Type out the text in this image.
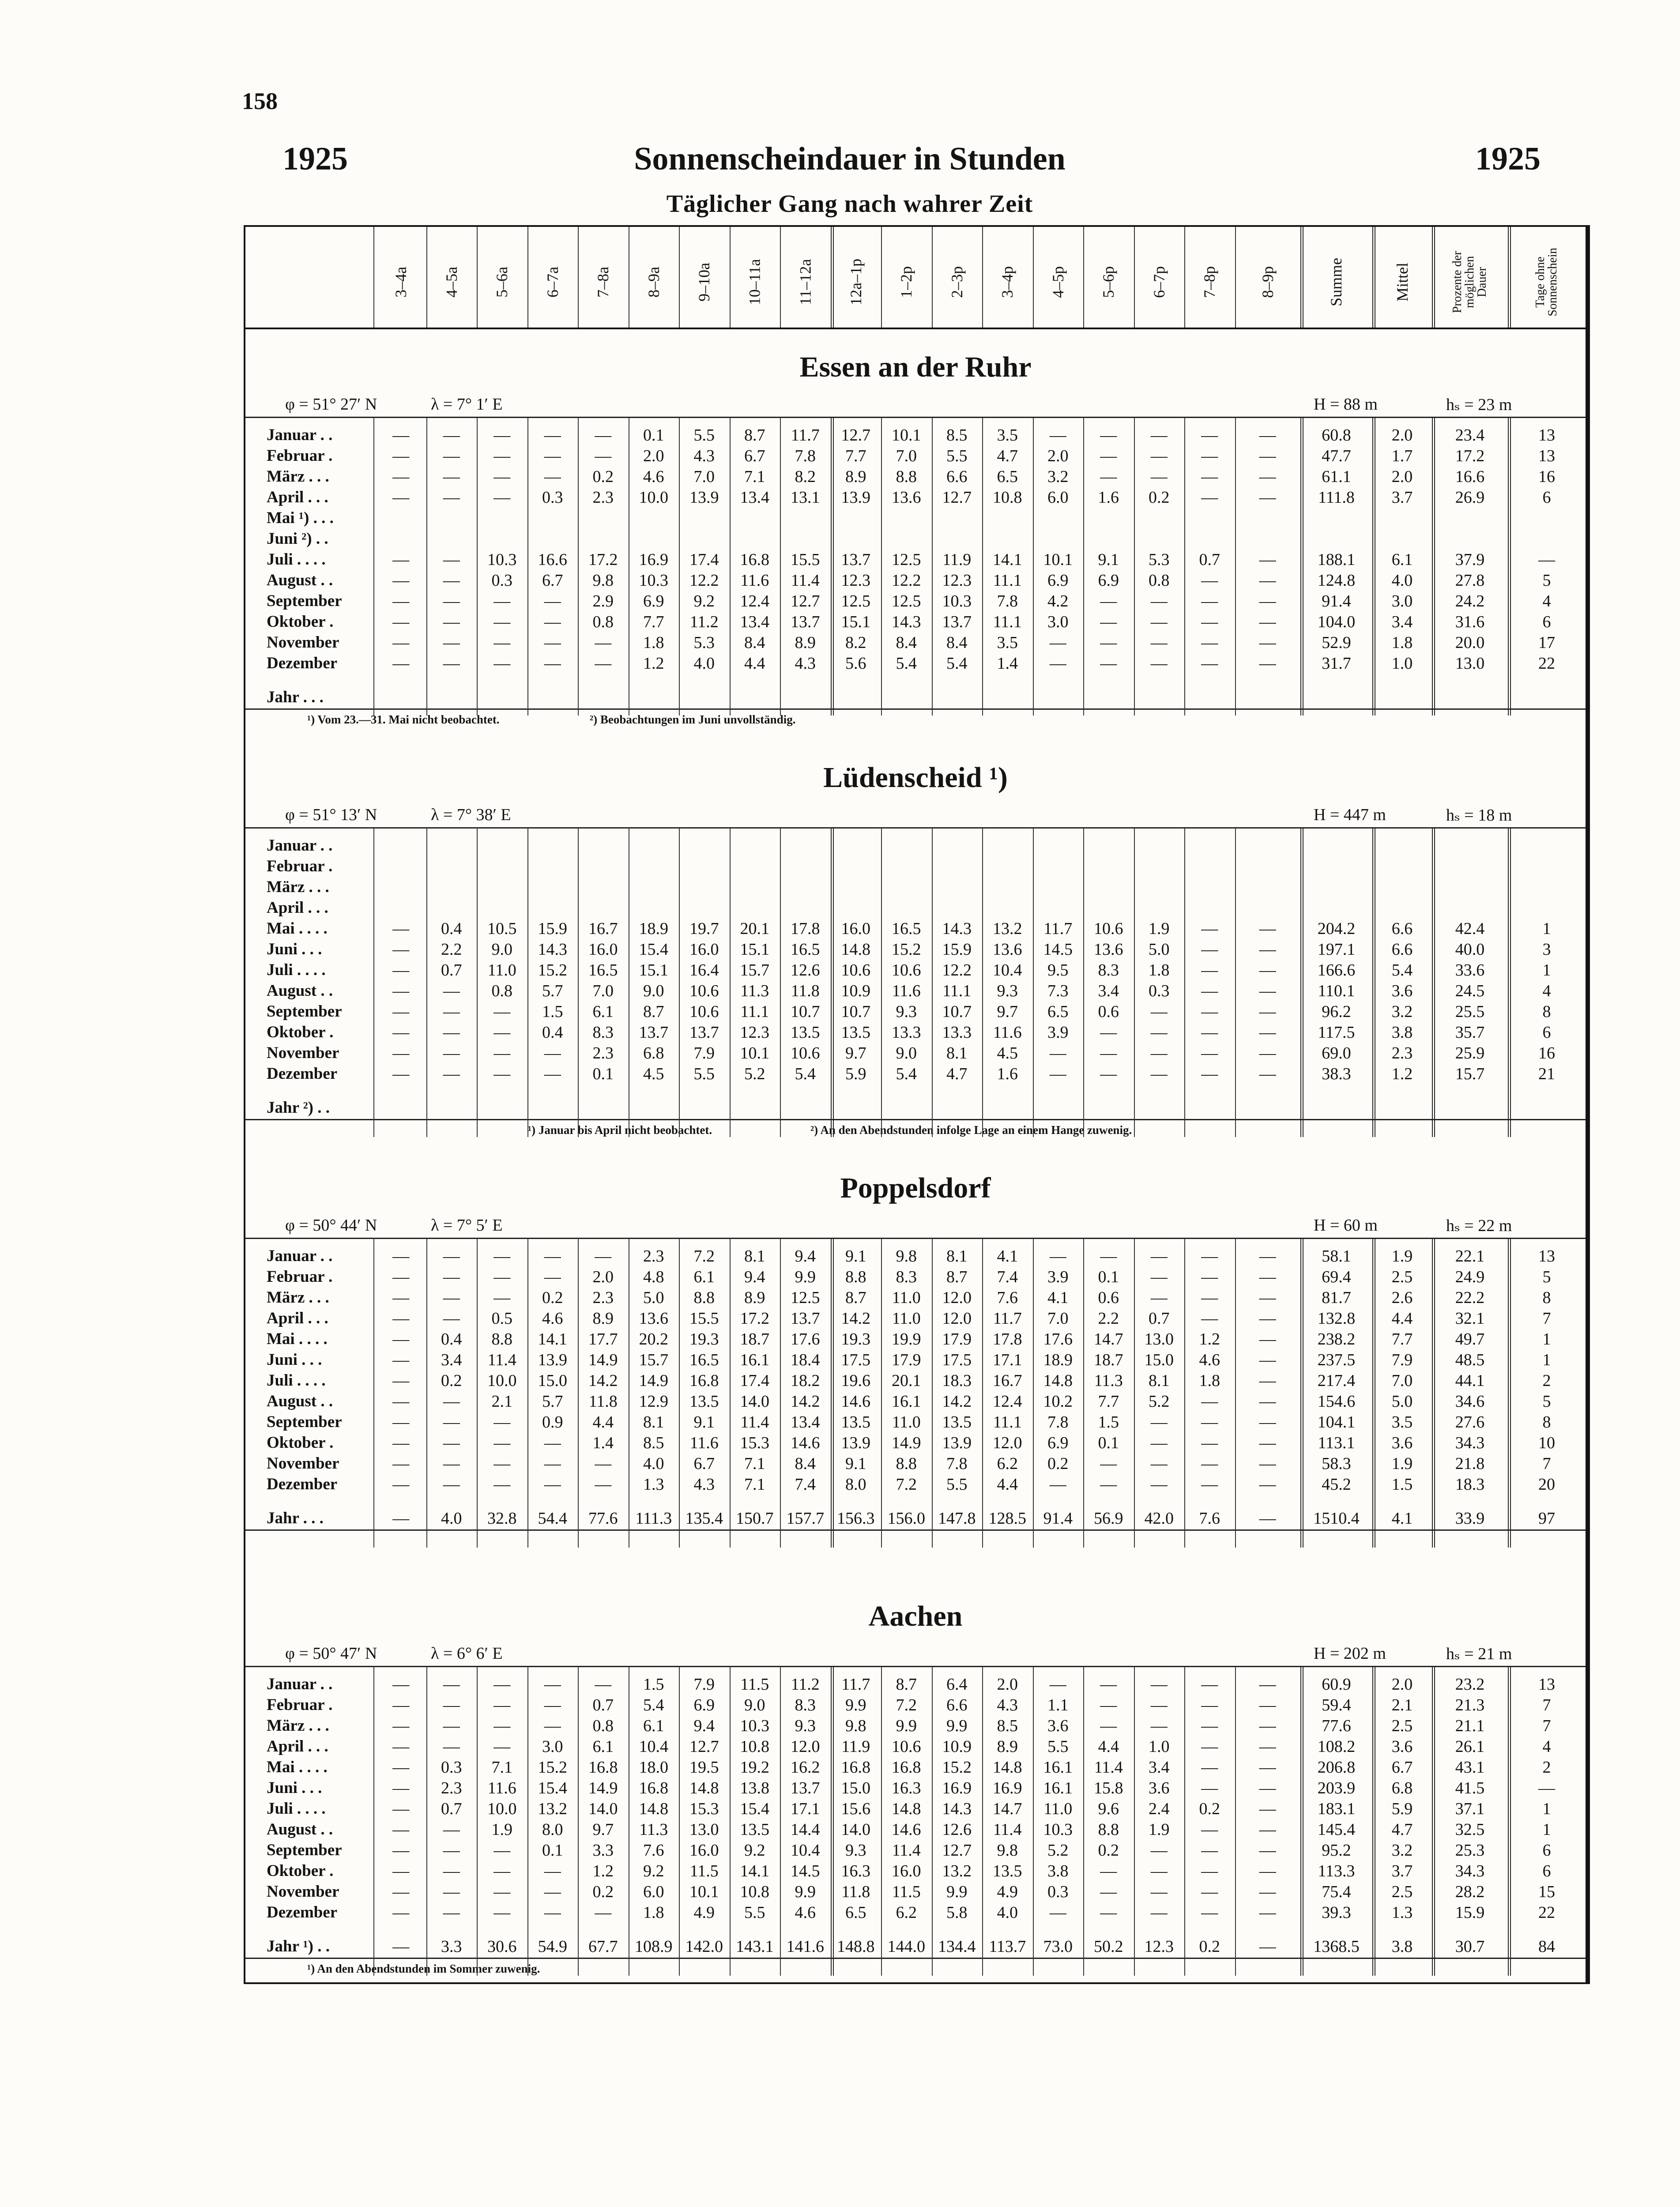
158
1925	Sonnenscheindauer in Stunden	1925
Täglicher Gang nach wahrer Zeit
3–4a 4–5a 5–6a 6–7a 7–8a 8–9a 9–10a 10–11a 11–12a 12a–1p 1–2p 2–3p 3–4p 4–5p 5–6p 6–7p 7–8p	8–9p	Summe	Mittel	Prozente der möglichen Dauer	Tage ohne Sonnenschein
Essen an der Ruhr
φ = 51° 27′ N	λ = 7° 1′ E	H = 88 m	hₛ = 23 m
Januar . .	—	—	—	—	—	0.1	5.5	8.7	11.7	12.7	10.1	8.5	3.5	—	—	—	—	—	60.8	2.0	23.4	13
Februar .	—	—	—	—	—	2.0	4.3	6.7	7.8	7.7	7.0	5.5	4.7	2.0	—	—	—	—	47.7	1.7	17.2	13
März . . .	—	—	—	—	0.2	4.6	7.0	7.1	8.2	8.9	8.8	6.6	6.5	3.2	—	—	—	—	61.1	2.0	16.6	16
April . . .	—	—	—	0.3	2.3	10.0	13.9	13.4	13.1	13.9	13.6	12.7	10.8	6.0	1.6	0.2	—	—	111.8	3.7	26.9	6
Mai ¹) . . .
Juni ²) . .
Juli . . . .	—	—	10.3	16.6	17.2	16.9	17.4	16.8	15.5	13.7	12.5	11.9	14.1	10.1	9.1	5.3	0.7	—	188.1	6.1	37.9	—
August . .	—	—	0.3	6.7	9.8	10.3	12.2	11.6	11.4	12.3	12.2	12.3	11.1	6.9	6.9	0.8	—	—	124.8	4.0	27.8	5
September	—	—	—	—	2.9	6.9	9.2	12.4	12.7	12.5	12.5	10.3	7.8	4.2	—	—	—	—	91.4	3.0	24.2	4
Oktober .	—	—	—	—	0.8	7.7	11.2	13.4	13.7	15.1	14.3	13.7	11.1	3.0	—	—	—	—	104.0	3.4	31.6	6
November	—	—	—	—	—	1.8	5.3	8.4	8.9	8.2	8.4	8.4	3.5	—	—	—	—	—	52.9	1.8	20.0	17
Dezember	—	—	—	—	—	1.2	4.0	4.4	4.3	5.6	5.4	5.4	1.4	—	—	—	—	—	31.7	1.0	13.0	22
Jahr . . .
¹) Vom 23.—31. Mai nicht beobachtet.	²) Beobachtungen im Juni unvollständig.
Lüdenscheid ¹)
φ = 51° 13′ N	λ = 7° 38′ E	H = 447 m	hₛ = 18 m
Januar . .
Februar .
März . . .
April . . .
Mai . . . .	—	0.4	10.5	15.9	16.7	18.9	19.7	20.1	17.8	16.0	16.5	14.3	13.2	11.7	10.6	1.9	—	—	204.2	6.6	42.4	1
Juni . . .	—	2.2	9.0	14.3	16.0	15.4	16.0	15.1	16.5	14.8	15.2	15.9	13.6	14.5	13.6	5.0	—	—	197.1	6.6	40.0	3
Juli . . . .	—	0.7	11.0	15.2	16.5	15.1	16.4	15.7	12.6	10.6	10.6	12.2	10.4	9.5	8.3	1.8	—	—	166.6	5.4	33.6	1
August . .	—	—	0.8	5.7	7.0	9.0	10.6	11.3	11.8	10.9	11.6	11.1	9.3	7.3	3.4	0.3	—	—	110.1	3.6	24.5	4
September	—	—	—	1.5	6.1	8.7	10.6	11.1	10.7	10.7	9.3	10.7	9.7	6.5	0.6	—	—	—	96.2	3.2	25.5	8
Oktober .	—	—	—	0.4	8.3	13.7	13.7	12.3	13.5	13.5	13.3	13.3	11.6	3.9	—	—	—	—	117.5	3.8	35.7	6
November	—	—	—	—	2.3	6.8	7.9	10.1	10.6	9.7	9.0	8.1	4.5	—	—	—	—	—	69.0	2.3	25.9	16
Dezember	—	—	—	—	0.1	4.5	5.5	5.2	5.4	5.9	5.4	4.7	1.6	—	—	—	—	—	38.3	1.2	15.7	21
Jahr ²) . .
¹) Januar bis April nicht beobachtet.	²) An den Abendstunden infolge Lage an einem Hange zuwenig.
Poppelsdorf
φ = 50° 44′ N	λ = 7° 5′ E	H = 60 m	hₛ = 22 m
Januar . .	—	—	—	—	—	2.3	7.2	8.1	9.4	9.1	9.8	8.1	4.1	—	—	—	—	—	58.1	1.9	22.1	13
Februar .	—	—	—	—	2.0	4.8	6.1	9.4	9.9	8.8	8.3	8.7	7.4	3.9	0.1	—	—	—	69.4	2.5	24.9	5
März . . .	—	—	—	0.2	2.3	5.0	8.8	8.9	12.5	8.7	11.0	12.0	7.6	4.1	0.6	—	—	—	81.7	2.6	22.2	8
April . . .	—	—	0.5	4.6	8.9	13.6	15.5	17.2	13.7	14.2	11.0	12.0	11.7	7.0	2.2	0.7	—	—	132.8	4.4	32.1	7
Mai . . . .	—	0.4	8.8	14.1	17.7	20.2	19.3	18.7	17.6	19.3	19.9	17.9	17.8	17.6	14.7	13.0	1.2	—	238.2	7.7	49.7	1
Juni . . .	—	3.4	11.4	13.9	14.9	15.7	16.5	16.1	18.4	17.5	17.9	17.5	17.1	18.9	18.7	15.0	4.6	—	237.5	7.9	48.5	1
Juli . . . .	—	0.2	10.0	15.0	14.2	14.9	16.8	17.4	18.2	19.6	20.1	18.3	16.7	14.8	11.3	8.1	1.8	—	217.4	7.0	44.1	2
August . .	—	—	2.1	5.7	11.8	12.9	13.5	14.0	14.2	14.6	16.1	14.2	12.4	10.2	7.7	5.2	—	—	154.6	5.0	34.6	5
September	—	—	—	0.9	4.4	8.1	9.1	11.4	13.4	13.5	11.0	13.5	11.1	7.8	1.5	—	—	—	104.1	3.5	27.6	8
Oktober .	—	—	—	—	1.4	8.5	11.6	15.3	14.6	13.9	14.9	13.9	12.0	6.9	0.1	—	—	—	113.1	3.6	34.3	10
November	—	—	—	—	—	4.0	6.7	7.1	8.4	9.1	8.8	7.8	6.2	0.2	—	—	—	—	58.3	1.9	21.8	7
Dezember	—	—	—	—	—	1.3	4.3	7.1	7.4	8.0	7.2	5.5	4.4	—	—	—	—	—	45.2	1.5	18.3	20
Jahr . . .	—	4.0	32.8	54.4	77.6	111.3 135.4 150.7 157.7 156.3 156.0 147.8 128.5	91.4	56.9	42.0	7.6	—	1510.4	4.1	33.9	97
Aachen
φ = 50° 47′ N	λ = 6° 6′ E	H = 202 m	hₛ = 21 m
Januar . .	—	—	—	—	—	1.5	7.9	11.5	11.2	11.7	8.7	6.4	2.0	—	—	—	—	—	60.9	2.0	23.2	13
Februar .	—	—	—	—	0.7	5.4	6.9	9.0	8.3	9.9	7.2	6.6	4.3	1.1	—	—	—	—	59.4	2.1	21.3	7
März . . .	—	—	—	—	0.8	6.1	9.4	10.3	9.3	9.8	9.9	9.9	8.5	3.6	—	—	—	—	77.6	2.5	21.1	7
April . . .	—	—	—	3.0	6.1	10.4	12.7	10.8	12.0	11.9	10.6	10.9	8.9	5.5	4.4	1.0	—	—	108.2	3.6	26.1	4
Mai . . . .	—	0.3	7.1	15.2	16.8	18.0	19.5	19.2	16.2	16.8	16.8	15.2	14.8	16.1	11.4	3.4	—	—	206.8	6.7	43.1	2
Juni . . .	—	2.3	11.6	15.4	14.9	16.8	14.8	13.8	13.7	15.0	16.3	16.9	16.9	16.1	15.8	3.6	—	—	203.9	6.8	41.5	—
Juli . . . .	—	0.7	10.0	13.2	14.0	14.8	15.3	15.4	17.1	15.6	14.8	14.3	14.7	11.0	9.6	2.4	0.2	—	183.1	5.9	37.1	1
August . .	—	—	1.9	8.0	9.7	11.3	13.0	13.5	14.4	14.0	14.6	12.6	11.4	10.3	8.8	1.9	—	—	145.4	4.7	32.5	1
September	—	—	—	0.1	3.3	7.6	16.0	9.2	10.4	9.3	11.4	12.7	9.8	5.2	0.2	—	—	—	95.2	3.2	25.3	6
Oktober .	—	—	—	—	1.2	9.2	11.5	14.1	14.5	16.3	16.0	13.2	13.5	3.8	—	—	—	—	113.3	3.7	34.3	6
November	—	—	—	—	0.2	6.0	10.1	10.8	9.9	11.8	11.5	9.9	4.9	0.3	—	—	—	—	75.4	2.5	28.2	15
Dezember	—	—	—	—	—	1.8	4.9	5.5	4.6	6.5	6.2	5.8	4.0	—	—	—	—	—	39.3	1.3	15.9	22
Jahr ¹) . .	—	3.3	30.6	54.9	67.7	108.9 142.0 143.1 141.6 148.8 144.0 134.4 113.7	73.0	50.2	12.3	0.2	—	1368.5	3.8	30.7	84
¹) An den Abendstunden im Sommer zuwenig.
